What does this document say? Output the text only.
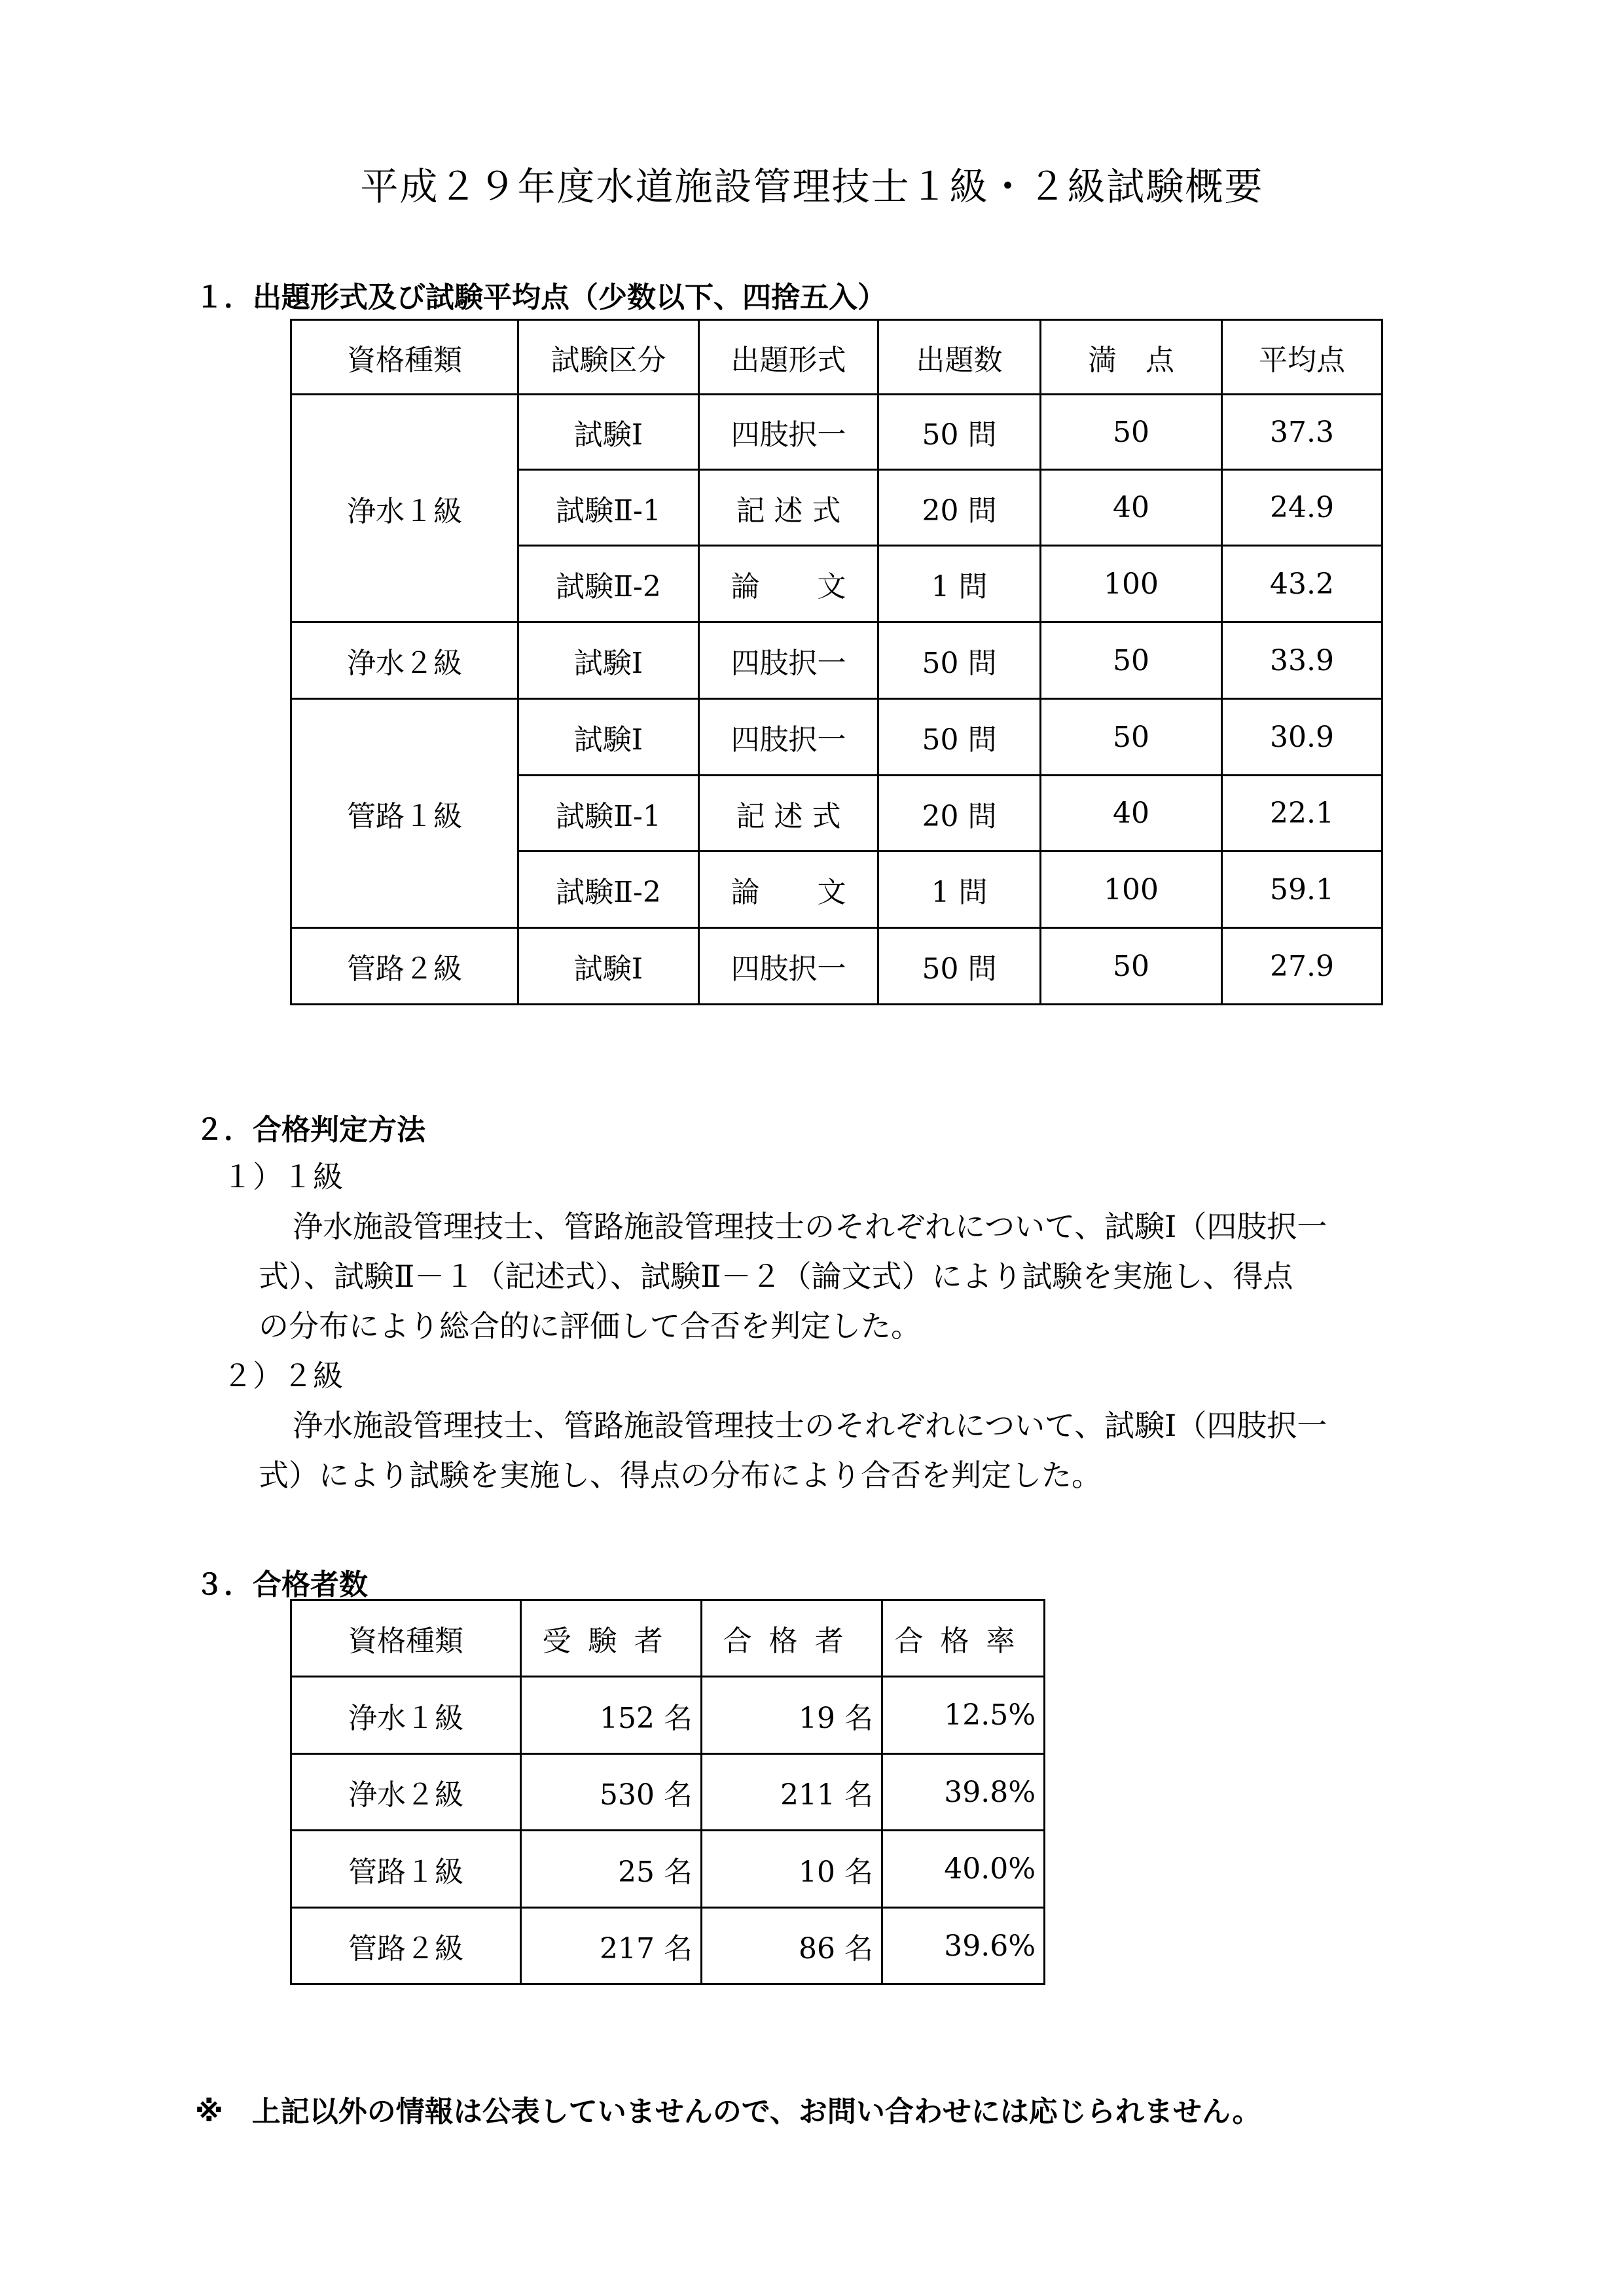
平成２９年度水道施設管理技士１級・２級試験概要
１．出題形式及び試験平均点（少数以下、四捨五入）
資格種類	試験区分	出題形式	出題数	満　点	平均点
浄水１級	試験Ⅰ	四肢択一	50 問	50	37.3
	試験Ⅱ-1	記 述 式	20 問	40	24.9
	試験Ⅱ-2	論　　文	1 問	100	43.2
浄水２級	試験Ⅰ	四肢択一	50 問	50	33.9
管路１級	試験Ⅰ	四肢択一	50 問	50	30.9
	試験Ⅱ-1	記 述 式	20 問	40	22.1
	試験Ⅱ-2	論　　文	1 問	100	59.1
管路２級	試験Ⅰ	四肢択一	50 問	50	27.9
２．合格判定方法
１）１級
浄水施設管理技士、管路施設管理技士のそれぞれについて、試験Ⅰ（四肢択一
式）、試験Ⅱ－１（記述式）、試験Ⅱ－２（論文式）により試験を実施し、得点
の分布により総合的に評価して合否を判定した。
２）２級
浄水施設管理技士、管路施設管理技士のそれぞれについて、試験Ⅰ（四肢択一
式）により試験を実施し、得点の分布により合否を判定した。
３．合格者数
資格種類	受験者	合格者	合格率
浄水１級	152 名	19 名	12.5%
浄水２級	530 名	211 名	39.8%
管路１級	25 名	10 名	40.0%
管路２級	217 名	86 名	39.6%
※　上記以外の情報は公表していませんので、お問い合わせには応じられません。
